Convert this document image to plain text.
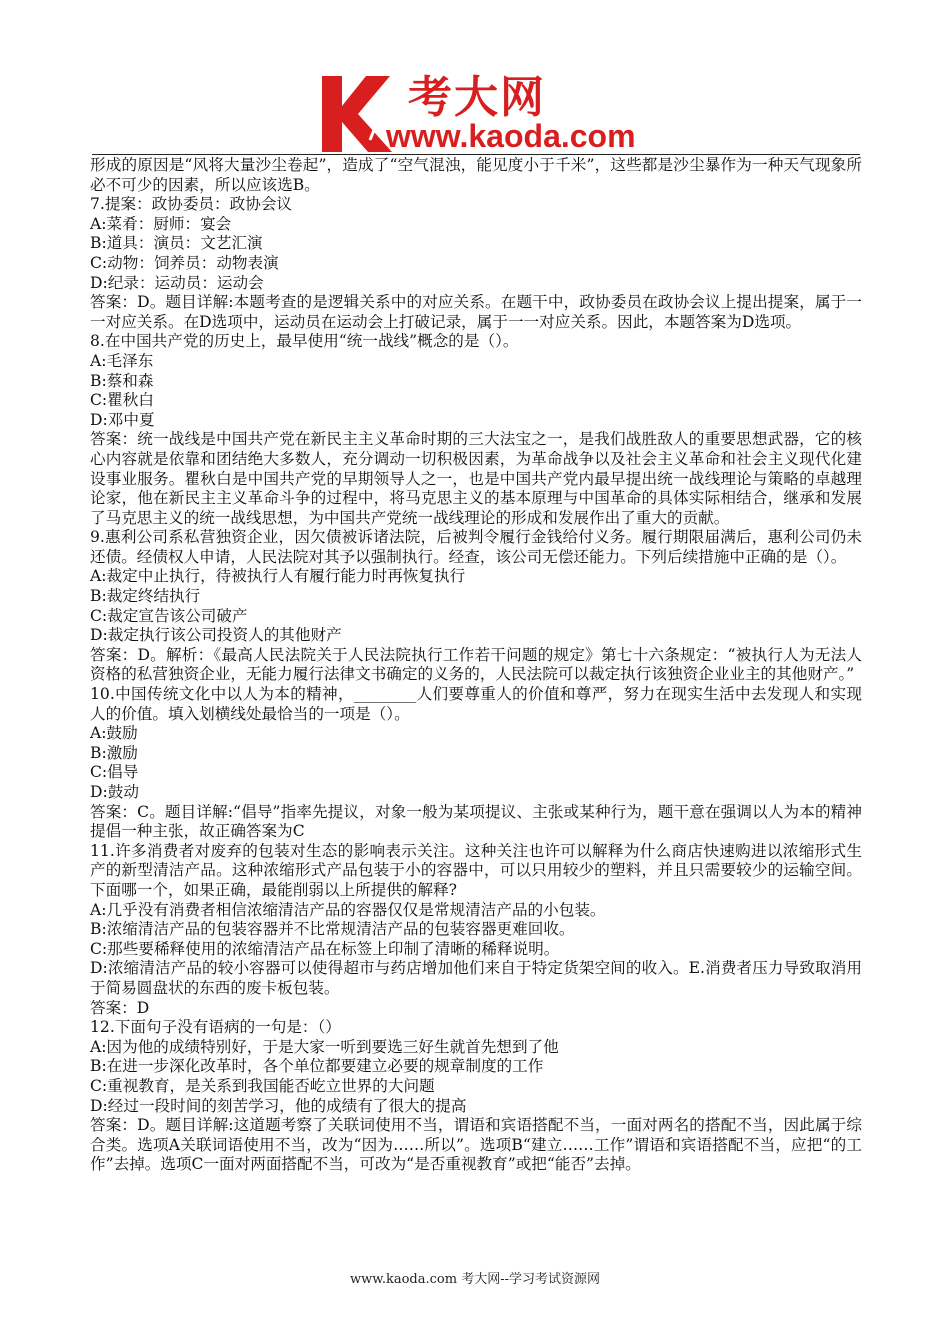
考大网
www.kaoda.com

形成的原因是“风将大量沙尘卷起”，造成了“空气混浊，能见度小于千米”，这些都是沙尘暴作为一种天气现象所必不可少的因素，所以应该选B。

7.提案：政协委员：政协会议

A:菜肴：厨师：宴会

B:道具：演员：文艺汇演

C:动物：饲养员：动物表演

D:纪录：运动员：运动会

答案：D。题目详解:本题考查的是逻辑关系中的对应关系。在题干中，政协委员在政协会议上提出提案，属于一一对应关系。在D选项中，运动员在运动会上打破记录，属于一一对应关系。因此，本题答案为D选项。

8.在中国共产党的历史上，最早使用“统一战线”概念的是（）。

A:毛泽东

B:蔡和森

C:瞿秋白

D:邓中夏

答案：统一战线是中国共产党在新民主主义革命时期的三大法宝之一，是我们战胜敌人的重要思想武器，它的核心内容就是依靠和团结绝大多数人，充分调动一切积极因素，为革命战争以及社会主义革命和社会主义现代化建设事业服务。瞿秋白是中国共产党的早期领导人之一，也是中国共产党内最早提出统一战线理论与策略的卓越理论家，他在新民主主义革命斗争的过程中，将马克思主义的基本原理与中国革命的具体实际相结合，继承和发展了马克思主义的统一战线思想，为中国共产党统一战线理论的形成和发展作出了重大的贡献。

9.惠利公司系私营独资企业，因欠债被诉诸法院，后被判令履行金钱给付义务。履行期限届满后，惠利公司仍未还债。经债权人申请，人民法院对其予以强制执行。经查，该公司无偿还能力。下列后续措施中正确的是（）。

A:裁定中止执行，待被执行人有履行能力时再恢复执行

B:裁定终结执行

C:裁定宣告该公司破产

D:裁定执行该公司投资人的其他财产

答案：D。解析：《最高人民法院关于人民法院执行工作若干问题的规定》第七十六条规定：“被执行人为无法人资格的私营独资企业，无能力履行法律文书确定的义务的，人民法院可以裁定执行该独资企业业主的其他财产。”

10.中国传统文化中以人为本的精神，________人们要尊重人的价值和尊严，努力在现实生活中去发现人和实现人的价值。填入划横线处最恰当的一项是（）。

A:鼓励

B:激励

C:倡导

D:鼓动

答案：C。题目详解:“倡导”指率先提议，对象一般为某项提议、主张或某种行为，题干意在强调以人为本的精神提倡一种主张，故正确答案为C

11.许多消费者对废弃的包装对生态的影响表示关注。这种关注也许可以解释为什么商店快速购进以浓缩形式生产的新型清洁产品。这种浓缩形式产品包装于小的容器中，可以只用较少的塑料，并且只需要较少的运输空间。下面哪一个，如果正确，最能削弱以上所提供的解释?

A:几乎没有消费者相信浓缩清洁产品的容器仅仅是常规清洁产品的小包装。

B:浓缩清洁产品的包装容器并不比常规清洁产品的包装容器更难回收。

C:那些要稀释使用的浓缩清洁产品在标签上印制了清晰的稀释说明。

D:浓缩清洁产品的较小容器可以使得超市与药店增加他们来自于特定货架空间的收入。E.消费者压力导致取消用于简易圆盘状的东西的废卡板包装。

答案：D

12.下面句子没有语病的一句是：（）

A:因为他的成绩特别好，于是大家一听到要选三好生就首先想到了他

B:在进一步深化改革时，各个单位都要建立必要的规章制度的工作

C:重视教育，是关系到我国能否屹立世界的大问题

D:经过一段时间的刻苦学习，他的成绩有了很大的提高

答案：D。题目详解:这道题考察了关联词使用不当，谓语和宾语搭配不当，一面对两名的搭配不当，因此属于综合类。选项A关联词语使用不当，改为“因为……所以”。选项B“建立……工作”谓语和宾语搭配不当，应把“的工作”去掉。选项C一面对两面搭配不当，可改为“是否重视教育”或把“能否”去掉。

www.kaoda.com 考大网--学习考试资源网
